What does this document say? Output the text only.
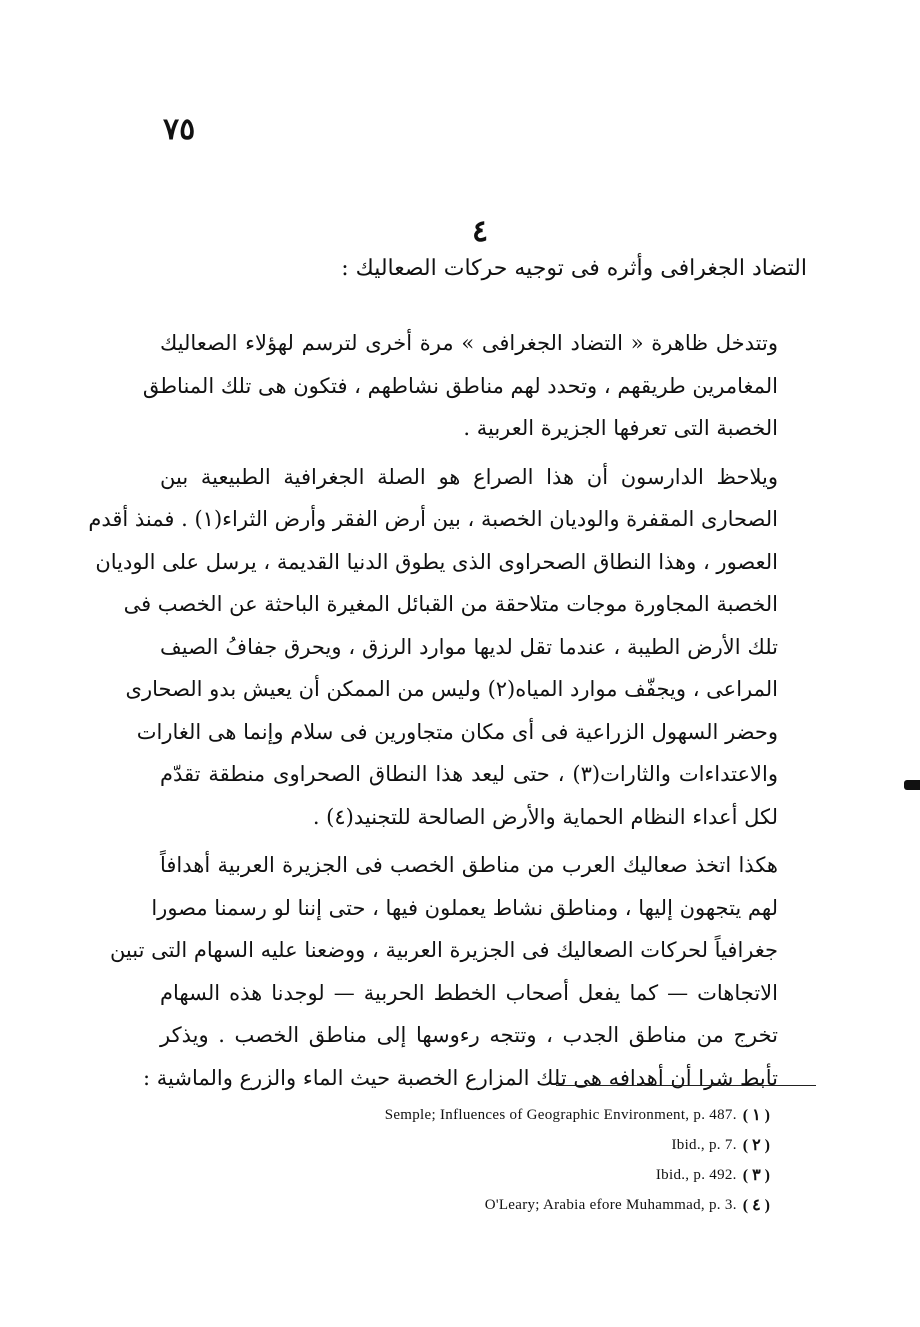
٧٥
٤
التضاد الجغرافى وأثره فى توجيه حركات الصعاليك :

وتتدخل ظاهرة « التضاد الجغرافى » مرة أخرى لترسم لهؤلاء الصعاليك
المغامرين طريقهم ، وتحدد لهم مناطق نشاطهم ، فتكون هى تلك المناطق
الخصبة التى تعرفها الجزيرة العربية .

ويلاحظ الدارسون أن هذا الصراع هو الصلة الجغرافية الطبيعية بين
الصحارى المقفرة والوديان الخصبة ، بين أرض الفقر وأرض الثراء(١) . فمنذ أقدم
العصور ، وهذا النطاق الصحراوى الذى يطوق الدنيا القديمة ، يرسل على الوديان
الخصبة المجاورة موجات متلاحقة من القبائل المغيرة الباحثة عن الخصب فى
تلك الأرض الطيبة ، عندما تقل لديها موارد الرزق ، ويحرق جفافُ الصيف
المراعى ، ويجفّف موارد المياه(٢) وليس من الممكن أن يعيش بدو الصحارى
وحضر السهول الزراعية فى أى مكان متجاورين فى سلام وإنما هى الغارات
والاعتداءات والثارات(٣) ، حتى ليعد هذا النطاق الصحراوى منطقة تقدّم
لكل أعداء النظام الحماية والأرض الصالحة للتجنيد(٤) .

هكذا اتخذ صعاليك العرب من مناطق الخصب فى الجزيرة العربية أهدافاً
لهم يتجهون إليها ، ومناطق نشاط يعملون فيها ، حتى إننا لو رسمنا مصورا
جغرافياً لحركات الصعاليك فى الجزيرة العربية ، ووضعنا عليه السهام التى تبين
الاتجاهات — كما يفعل أصحاب الخطط الحربية — لوجدنا هذه السهام
تخرج من مناطق الجدب ، وتتجه رءوسها إلى مناطق الخصب . ويذكر
تأبط شرا أن أهدافه هى تلك المزارع الخصبة حيث الماء والزرع والماشية :

Semple; Influences of Geographic Environment, p. 487. ( ١ )
Ibid., p. 7. ( ٢ )
Ibid., p. 492. ( ٣ )
O'Leary; Arabia efore Muhammad, p. 3. ( ٤ )
